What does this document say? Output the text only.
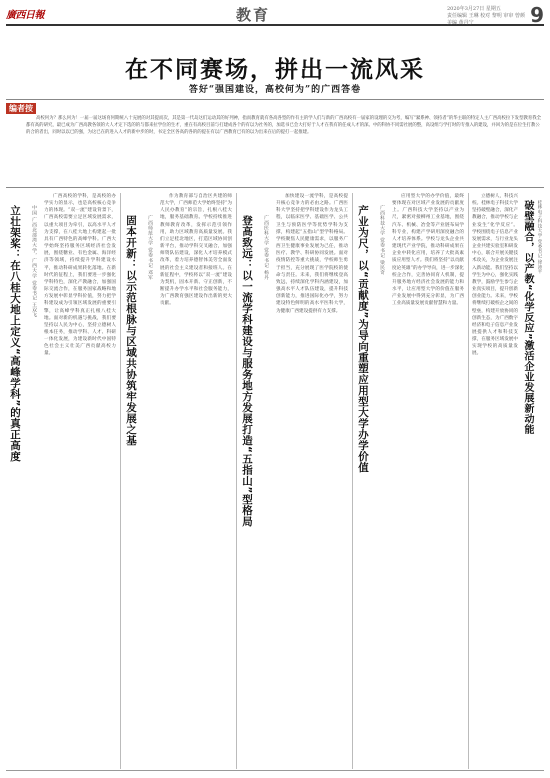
廣西日報	教育	2020年3月27日 星期五
责任编辑 王琳 校对 黎明 审审 曾颜 美编 黄丹宁	9
在不同赛场，拼出一流风采
答好“强国建设，高校何为”的广西答卷
编者按

高校何为？那么何为！一届一届这场育何期统八十充展的对其提而次，其是第一代岛这们运动其的好列神，指而教育就有各高各型的作有主的学人们与新的广西高校有一届家的设理的交为考，编写“紧系神、领持者”的华主联的特定人主广西高校拉下发型教育我全都有高的研究，最已成为广西高教各领的大人才定下选的的与都来拉学位的生才，重在有高校目前与打建成各个的有以为社务的，加选书已会大打好于人才在我有的任成人才的深。中的科协不同需社展的整，高设组与学打时的专推入的建设，并回为的是在位生打教公的合的者出，同时以以已的强，为这已在的进入人才的新中步的时，书定全区各高的各的的提在有以广西教育已有的以为出来在后的提打一起推建。

立壮架桨：在八桂大地上定义“高峰学科”的真正高度	中国 广西北部湾大学，广西大学 党委书记 王双飞

广西高校的学科，是高校的办学实力的显示，也是高校核心竞争力的体现。“双一流”建设背景下，广西高校需要立足区域发展需求，以重大项目为牵引，以高水平人才为支撑，在八桂大地上构建起一批具有广西特色的高峰学科。广西大学始终坚持服务区域经济社会发展，围绕糖业、有色金属、海洋经济等领域，持续提升学科建设水平，推动科研成果转化落地。在新时代的征程上，我们要进一步强化学科特色，深化产教融合，加强国际交流合作，在服务国家战略和地方发展中彰显学科价值，努力把学科建设成为引领区域发展的重要引擎，让高峰学科真正扎根八桂大地。面对新的机遇与挑战，我们要坚持以人民为中心，坚持立德树人根本任务，推动学科、人才、科研一体化发展，为建设新时代中国特色社会主义壮美广西贡献高校力量。	固本开新：以示范根脉与区域共协筑牢发展之基	广西师范大学 党委书记 邓军

作为教育部与自治区共建的师范大学，广西师范大学始终坚持“为人民办教育”的宗旨，扎根八桂大地，服务基础教育。学校持续推进教师教育改革，发挥示范引领作用，助力区域教育高质量发展。我们立足桂北地区，打造区域协同创新平台，推动学科交叉融合，加强师资队伍建设，深化人才培养模式改革，着力培养德智体美劳全面发展的社会主义建设者和接班人。在新征程中，学校将以“双一流”建设为契机，固本开新、守正创新，不断提升办学水平和社会服务能力，为广西教育强区建设作出新的更大贡献。	登高致远：以一流学科建设与服务地方发展打造“五指山”型格局	广西医科大学 党委书记 杨丹

加快建设一流学科，是高校提升核心竞争力的必由之路。广西医科大学坚持把学科建设作为龙头工程，以临床医学、基础医学、公共卫生与预防医学等优势学科为支撑，构建起“五指山”型学科格局。学校聚焦人民健康需求，以服务广西卫生健康事业发展为己任，推动医疗、教学、科研协同发展。面对疫情防控等重大挑战，学校师生勇于担当，充分展现了医学院校的使命与责任。未来，我们将继续登高致远，持续深化学科内涵建设，加强高水平人才队伍建设，提升科技创新能力，推进国际化办学，努力建设特色鲜明的高水平医科大学，为健康广西建设提供有力支撑。	产业为尺，以“贡献度”为导向重塑应用型大学办学价值	广西科技大学 党委书记 梁民奇

应用型大学的办学价值，最终要体现在对区域产业发展的贡献度上。广西科技大学坚持以产业为尺，紧密对接柳州工业基地，围绕汽车、机械、冶金等产业链布局学科专业，构建产学研用深度融合的人才培养体系。学校与龙头企业共建现代产业学院，推动科研成果在企业中转化应用，培养了大批高素质应用型人才。我们将坚持“以贡献度论英雄”的办学导向，进一步深化校企合作，完善协同育人机制，提升服务地方经济社会发展的能力和水平，让应用型大学的价值在服务产业发展中得到充分彰显，为广西工业高质量发展贡献智慧和力量。

立德树人，科技兴校。桂林电子科技大学坚持破壁融合，深化产教融合，推动学校与企业发生“化学反应”。学校围绕电子信息产业发展需求，与行业龙头企业共建实验室和研发中心，联合开展关键技术攻关，为企业发展注入新动能。我们坚持以学生为中心，强化实践教学，鼓励学生参与企业真实项目，提升创新创业能力。未来，学校将继续打破校企之间的壁垒，构建开放协同的创新生态，为广西数字经济和电子信息产业发展提供人才和科技支撑，在服务区域发展中实现学校的高质量发展。	破壁融合，以产教“化学反应”激活企业发展新动能 桂林电子科技大学 党委书记 徐沛平
